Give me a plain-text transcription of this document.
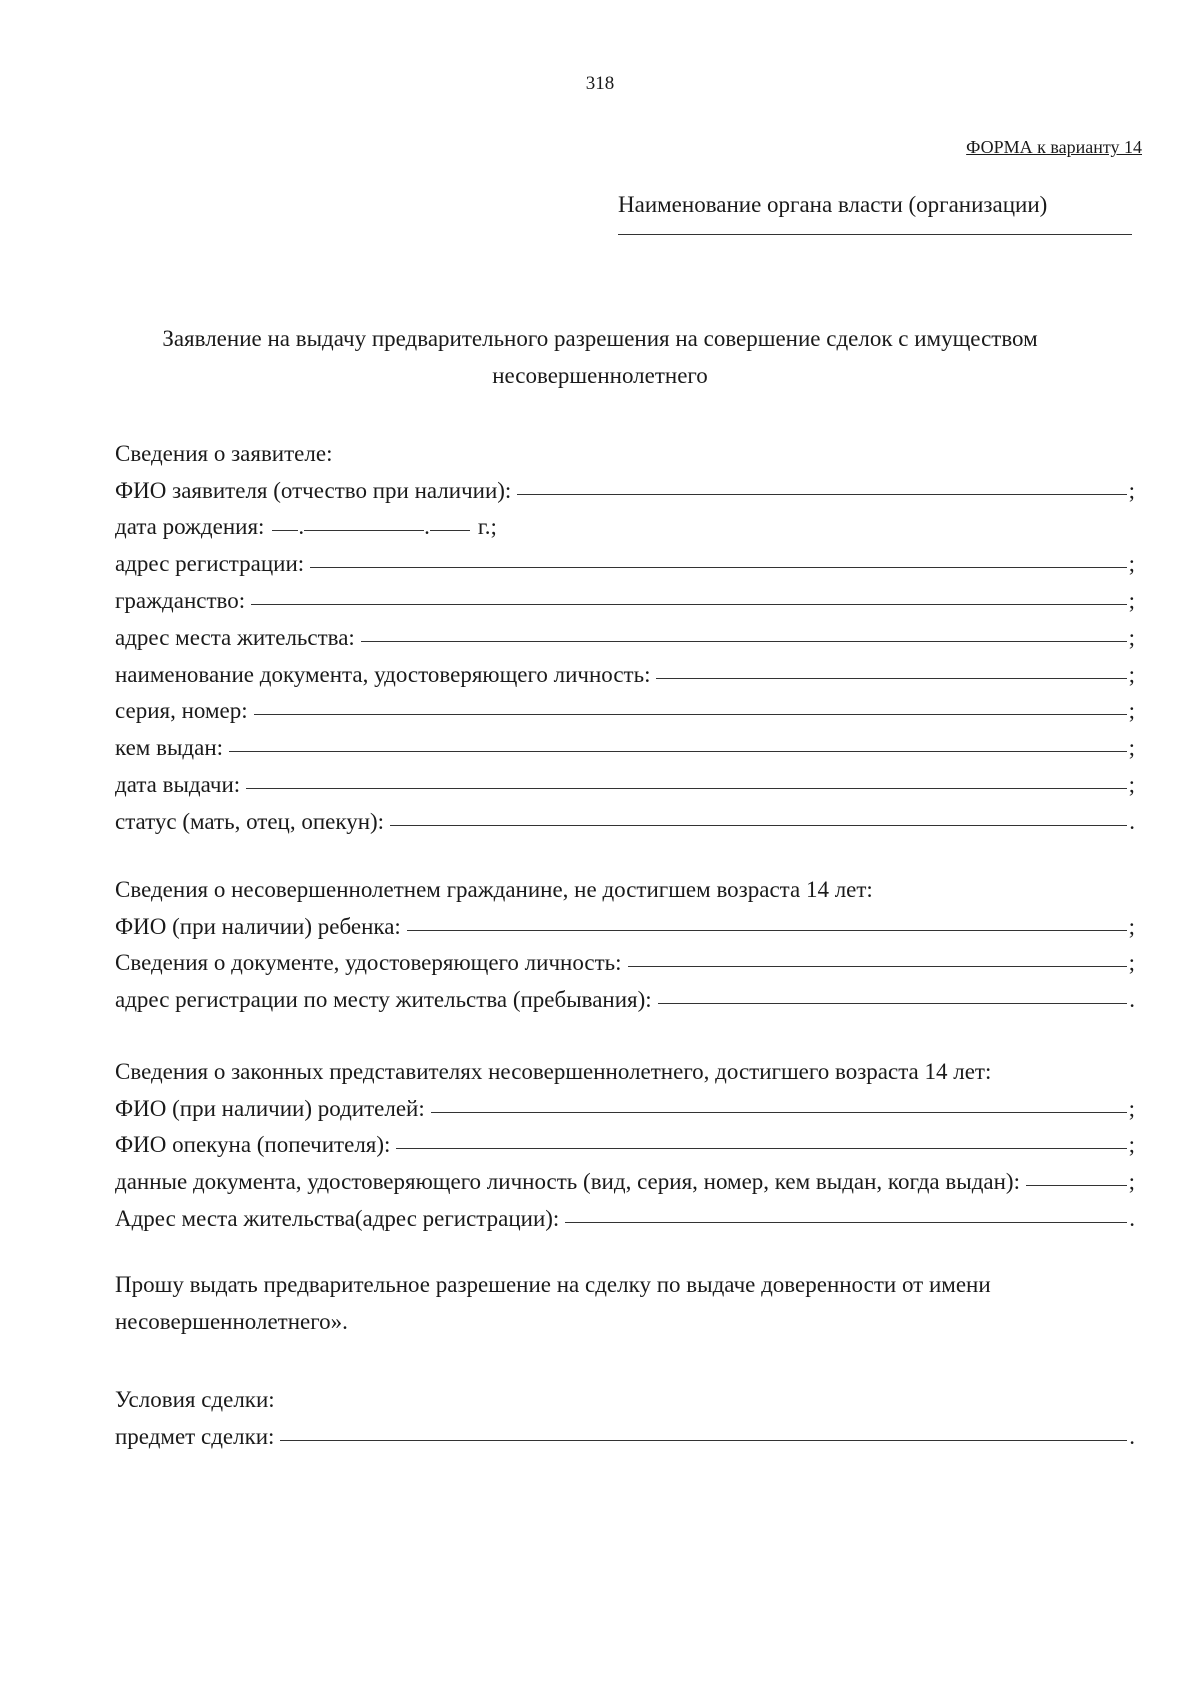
318
ФОРМА к варианту 14
Наименование органа власти (организации)
Заявление на выдачу предварительного разрешения на совершение сделок с имуществом
несовершеннолетнего
Сведения о заявителе:
ФИО заявителя (отчество при наличии):	;
дата рождения: .	. г.;
адрес регистрации:	;
гражданство:	;
адрес места жительства:	;
наименование документа, удостоверяющего личность:	;
серия, номер:	;
кем выдан:	;
дата выдачи:	;
статус (мать, отец, опекун):	.
Сведения о несовершеннолетнем гражданине, не достигшем возраста 14 лет:
ФИО (при наличии) ребенка:	;
Сведения о документе, удостоверяющего личность:	;
адрес регистрации по месту жительства (пребывания):	.
Сведения о законных представителях несовершеннолетнего, достигшего возраста 14 лет:
ФИО (при наличии) родителей:	;
ФИО опекуна (попечителя):	;
данные документа, удостоверяющего личность (вид, серия, номер, кем выдан, когда выдан):	;
Адрес места жительства(адрес регистрации):	.
Прошу выдать предварительное разрешение на сделку по выдаче доверенности от имени
несовершеннолетнего».
Условия сделки:
предмет сделки:	.
